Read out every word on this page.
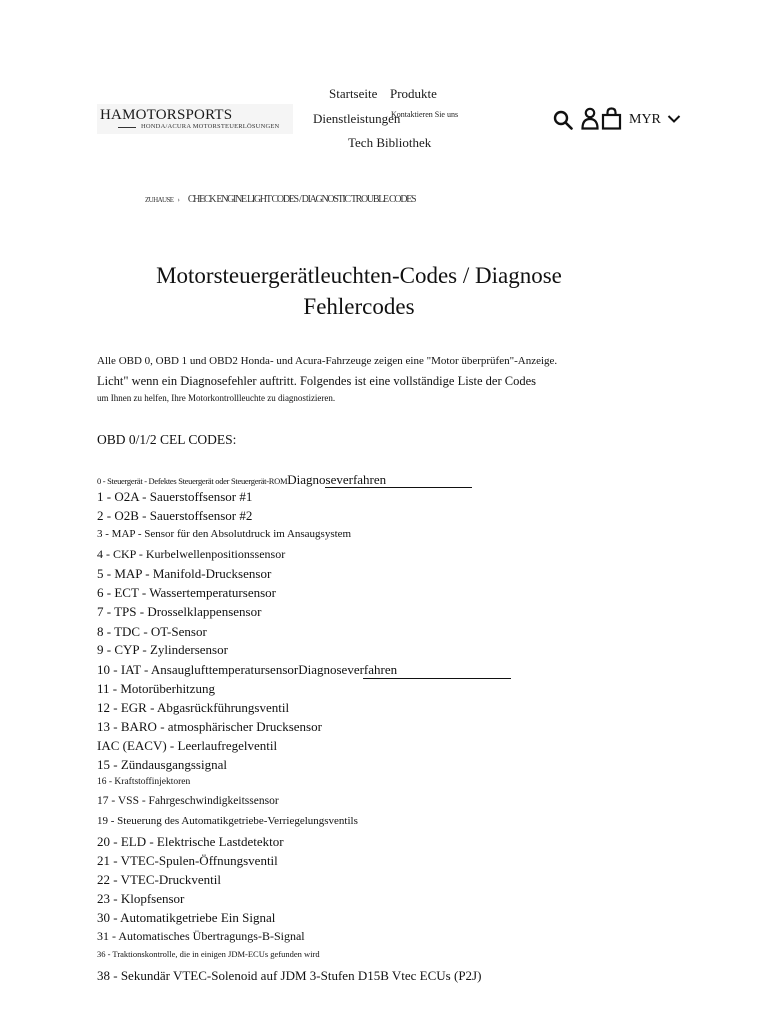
HAMOTORSPORTS
HONDA/ACURA MOTORSTEUERLÖSUNGEN
Startseite Produkte
Dienstleistungen
Kontaktieren Sie uns
Tech Bibliothek
MYR
ZUHAUSE › CHECK ENGINE LIGHT CODES / DIAGNOSTIC TROUBLE CODES
Motorsteuergerätleuchten-Codes / Diagnose
Fehlercodes
Alle OBD 0, OBD 1 und OBD2 Honda- und Acura-Fahrzeuge zeigen eine "Motor überprüfen"-Anzeige.
Licht" wenn ein Diagnosefehler auftritt. Folgendes ist eine vollständige Liste der Codes
um Ihnen zu helfen, Ihre Motorkontrollleuchte zu diagnostizieren.
OBD 0/1/2 CEL CODES:
0 - Steuergerät - Defektes Steuergerät oder Steuergerät-ROMDiagnoseverfahren
1 - O2A - Sauerstoffsensor #1
2 - O2B - Sauerstoffsensor #2
3 - MAP - Sensor für den Absolutdruck im Ansaugsystem
4 - CKP - Kurbelwellenpositionssensor
5 - MAP - Manifold-Drucksensor
6 - ECT - Wassertemperatursensor
7 - TPS - Drosselklappensensor
8 - TDC - OT-Sensor
9 - CYP - Zylindersensor
10 - IAT - AnsauglufttemperatursensorDiagnoseverfahren
11 - Motorüberhitzung
12 - EGR - Abgasrückführungsventil
13 - BARO - atmosphärischer Drucksensor
IAC (EACV) - Leerlaufregelventil
15 - Zündausgangssignal
16 - Kraftstoffinjektoren
17 - VSS - Fahrgeschwindigkeitssensor
19 - Steuerung des Automatikgetriebe-Verriegelungsventils
20 - ELD - Elektrische Lastdetektor
21 - VTEC-Spulen-Öffnungsventil
22 - VTEC-Druckventil
23 - Klopfsensor
30 - Automatikgetriebe Ein Signal
31 - Automatisches Übertragungs-B-Signal
36 - Traktionskontrolle, die in einigen JDM-ECUs gefunden wird
38 - Sekundär VTEC-Solenoid auf JDM 3-Stufen D15B Vtec ECUs (P2J)
